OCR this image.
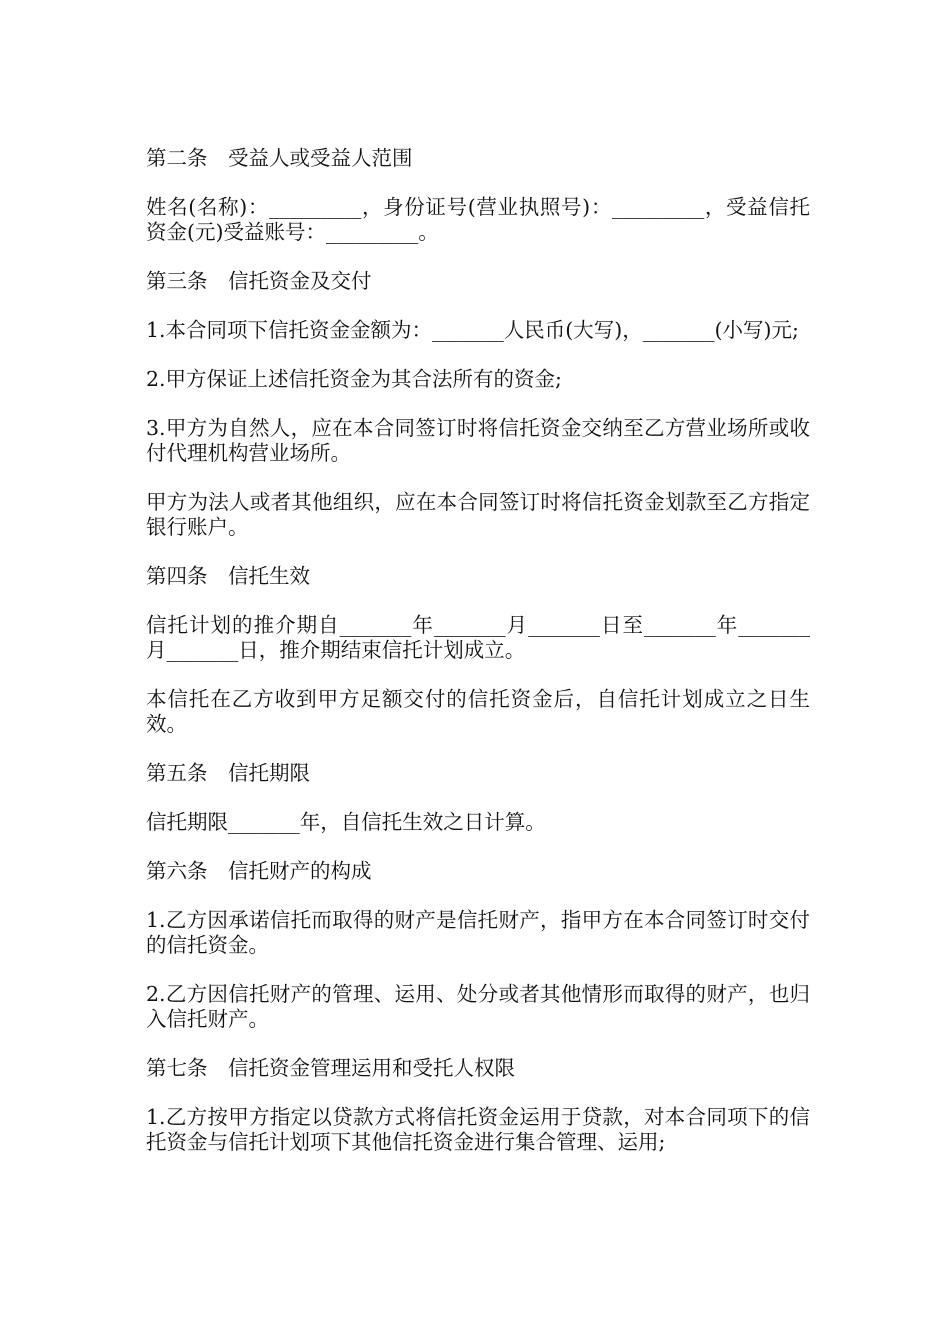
第二条　受益人或受益人范围

姓名(名称)：_________，身份证号(营业执照号)：_________，受益信托资金(元)受益账号：_________。

第三条　信托资金及交付

1.本合同项下信托资金金额为：_______人民币(大写)，_______(小写)元;

2.甲方保证上述信托资金为其合法所有的资金;

3.甲方为自然人，应在本合同签订时将信托资金交纳至乙方营业场所或收付代理机构营业场所。

甲方为法人或者其他组织，应在本合同签订时将信托资金划款至乙方指定银行账户。

第四条　信托生效

信托计划的推介期自_______年_______月_______日至_______年_______月_______日，推介期结束信托计划成立。

本信托在乙方收到甲方足额交付的信托资金后，自信托计划成立之日生效。

第五条　信托期限

信托期限_______年，自信托生效之日计算。

第六条　信托财产的构成

1.乙方因承诺信托而取得的财产是信托财产，指甲方在本合同签订时交付的信托资金。

2.乙方因信托财产的管理、运用、处分或者其他情形而取得的财产，也归入信托财产。

第七条　信托资金管理运用和受托人权限

1.乙方按甲方指定以贷款方式将信托资金运用于贷款，对本合同项下的信托资金与信托计划项下其他信托资金进行集合管理、运用;
